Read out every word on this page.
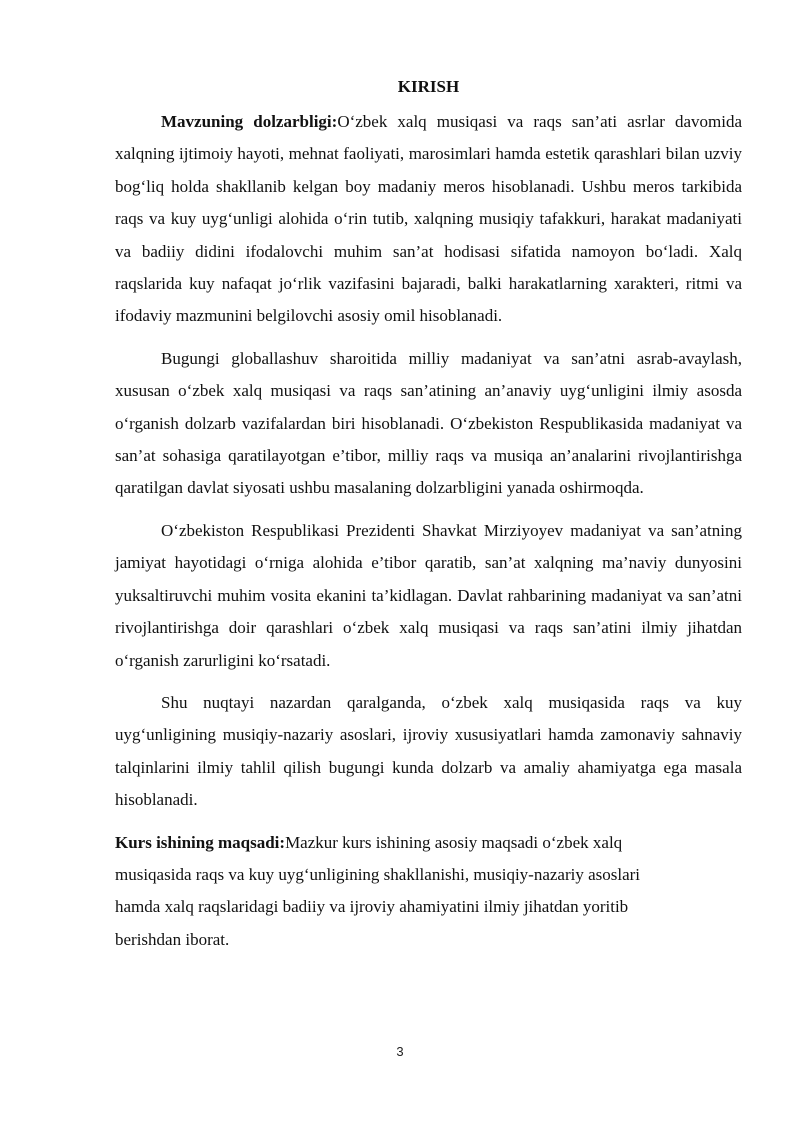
KIRISH

Mavzuning dolzarbligi:O‘zbek xalq musiqasi va raqs san’ati asrlar davomida xalqning ijtimoiy hayoti, mehnat faoliyati, marosimlari hamda estetik qarashlari bilan uzviy bog‘liq holda shakllanib kelgan boy madaniy meros hisoblanadi. Ushbu meros tarkibida raqs va kuy uyg‘unligi alohida o‘rin tutib, xalqning musiqiy tafakkuri, harakat madaniyati va badiiy didini ifodalovchi muhim san’at hodisasi sifatida namoyon bo‘ladi. Xalq raqslarida kuy nafaqat jo‘rlik vazifasini bajaradi, balki harakatlarning xarakteri, ritmi va ifodaviy mazmunini belgilovchi asosiy omil hisoblanadi.

Bugungi globallashuv sharoitida milliy madaniyat va san’atni asrab-avaylash, xususan o‘zbek xalq musiqasi va raqs san’atining an’anaviy uyg‘unligini ilmiy asosda o‘rganish dolzarb vazifalardan biri hisoblanadi. O‘zbekiston Respublikasida madaniyat va san’at sohasiga qaratilayotgan e’tibor, milliy raqs va musiqa an’analarini rivojlantirishga qaratilgan davlat siyosati ushbu masalaning dolzarbligini yanada oshirmoqda.

O‘zbekiston Respublikasi Prezidenti Shavkat Mirziyoyev madaniyat va san’atning jamiyat hayotidagi o‘rniga alohida e’tibor qaratib, san’at xalqning ma’naviy dunyosini yuksaltiruvchi muhim vosita ekanini ta’kidlagan. Davlat rahbarining madaniyat va san’atni rivojlantirishga doir qarashlari o‘zbek xalq musiqasi va raqs san’atini ilmiy jihatdan o‘rganish zarurligini ko‘rsatadi.

Shu nuqtayi nazardan qaralganda, o‘zbek xalq musiqasida raqs va kuy uyg‘unligining musiqiy-nazariy asoslari, ijroviy xususiyatlari hamda zamonaviy sahnaviy talqinlarini ilmiy tahlil qilish bugungi kunda dolzarb va amaliy ahamiyatga ega masala hisoblanadi.

Kurs ishining maqsadi:Mazkur kurs ishining asosiy maqsadi o‘zbek xalq musiqasida raqs va kuy uyg‘unligining shakllanishi, musiqiy-nazariy asoslari hamda xalq raqslaridagi badiiy va ijroviy ahamiyatini ilmiy jihatdan yoritib berishdan iborat.

3
